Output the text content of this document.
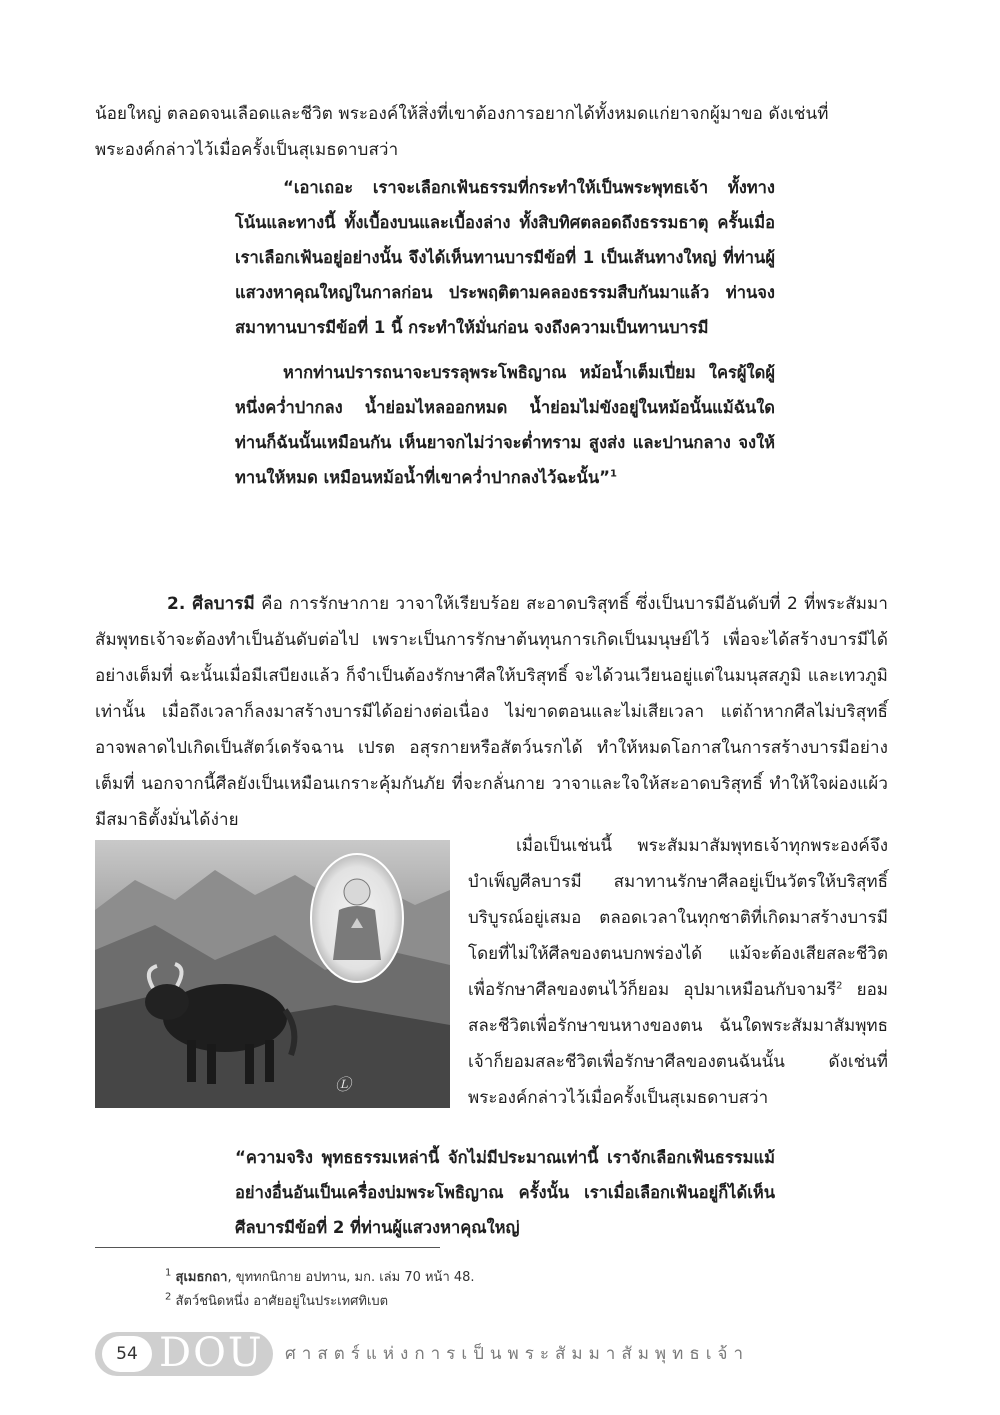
น้อยใหญ่ ตลอดจนเลือดและชีวิต พระองค์ให้สิ่งที่เขาต้องการอยากได้ทั้งหมดแก่ยาจกผู้มาขอ ดังเช่นที่
พระองค์กล่าวไว้เมื่อครั้งเป็นสุเมธดาบสว่า

“เอาเถอะ เราจะเลือกเฟ้นธรรมที่กระทำให้เป็นพระพุทธเจ้า ทั้งทางโน้นและทางนี้ ทั้งเบื้องบนและเบื้องล่าง ทั้งสิบทิศตลอดถึงธรรมธาตุ ครั้นเมื่อเราเลือกเฟ้นอยู่อย่างนั้น จึงได้เห็นทานบารมีข้อที่ 1 เป็นเส้นทางใหญ่ ที่ท่านผู้แสวงหาคุณใหญ่ในกาลก่อน ประพฤติตามคลองธรรมสืบกันมาแล้ว ท่านจงสมาทานบารมีข้อที่ 1 นี้ กระทำให้มั่นก่อน จงถึงความเป็นทานบารมี

หากท่านปรารถนาจะบรรลุพระโพธิญาณ หม้อน้ำเต็มเปี่ยม ใครผู้ใดผู้หนึ่งคว่ำปากลง น้ำย่อมไหลออกหมด น้ำย่อมไม่ขังอยู่ในหม้อนั้นแม้ฉันใด ท่านก็ฉันนั้นเหมือนกัน เห็นยาจกไม่ว่าจะต่ำทราม สูงส่ง และปานกลาง จงให้ทานให้หมด เหมือนหม้อน้ำที่เขาคว่ำปากลงไว้ฉะนั้น”$^1$

2. ศีลบารมี คือ การรักษากาย วาจาให้เรียบร้อย สะอาดบริสุทธิ์ ซึ่งเป็นบารมีอันดับที่ 2 ที่พระสัมมาสัมพุทธเจ้าจะต้องทำเป็นอันดับต่อไป เพราะเป็นการรักษาต้นทุนการเกิดเป็นมนุษย์ไว้ เพื่อจะได้สร้างบารมีได้อย่างเต็มที่ ฉะนั้นเมื่อมีเสบียงแล้ว ก็จำเป็นต้องรักษาศีลให้บริสุทธิ์ จะได้วนเวียนอยู่แต่ในมนุสสภูมิ และเทวภูมิเท่านั้น เมื่อถึงเวลาก็ลงมาสร้างบารมีได้อย่างต่อเนื่อง ไม่ขาดตอนและไม่เสียเวลา แต่ถ้าหากศีลไม่บริสุทธิ์ อาจพลาดไปเกิดเป็นสัตว์เดรัจฉาน เปรต อสุรกายหรือสัตว์นรกได้ ทำให้หมดโอกาสในการสร้างบารมีอย่างเต็มที่ นอกจากนี้ศีลยังเป็นเหมือนเกราะคุ้มกันภัย ที่จะกลั่นกาย วาจาและใจให้สะอาดบริสุทธิ์ ทำให้ใจผ่องแผ้วมีสมาธิตั้งมั่นได้ง่าย

Ⓛ

เมื่อเป็นเช่นนี้ พระสัมมาสัมพุทธเจ้าทุกพระองค์จึงบำเพ็ญศีลบารมี สมาทานรักษาศีลอยู่เป็นวัตรให้บริสุทธิ์บริบูรณ์อยู่เสมอ ตลอดเวลาในทุกชาติที่เกิดมาสร้างบารมี โดยที่ไม่ให้ศีลของตนบกพร่องได้ แม้จะต้องเสียสละชีวิตเพื่อรักษาศีลของตนไว้ก็ยอม อุปมาเหมือนกับจามรี$^2$ ยอมสละชีวิตเพื่อรักษาขนหางของตน ฉันใดพระสัมมาสัมพุทธเจ้าก็ยอมสละชีวิตเพื่อรักษาศีลของตนฉันนั้น ดังเช่นที่พระองค์กล่าวไว้เมื่อครั้งเป็นสุเมธดาบสว่า

“ความจริง พุทธธรรมเหล่านี้ จักไม่มีประมาณเท่านี้ เราจักเลือกเฟ้นธรรมแม้อย่างอื่นอันเป็นเครื่องบ่มพระโพธิญาณ ครั้งนั้น เราเมื่อเลือกเฟ้นอยู่ก็ได้เห็นศีลบารมีข้อที่ 2 ที่ท่านผู้แสวงหาคุณใหญ่

$^1$ สุเมธกถา, ขุททกนิกาย อปทาน, มก. เล่ม 70 หน้า 48.
$^2$ สัตว์ชนิดหนึ่ง อาศัยอยู่ในประเทศทิเบต
54 DOU ศาสตร์แห่งการเป็นพระสัมมาสัมพุทธเจ้า
